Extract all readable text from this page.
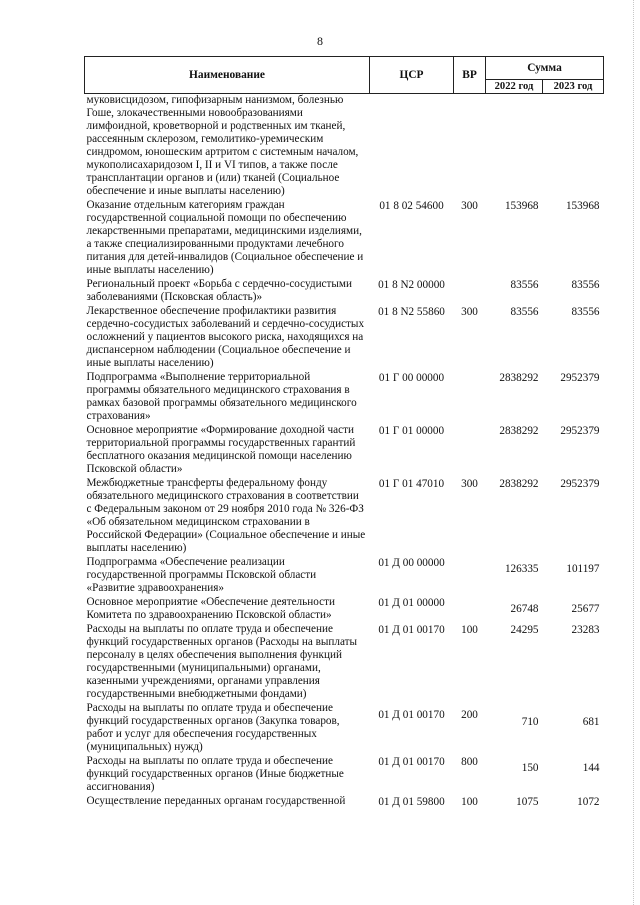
8
Наименование	ЦСР	ВР	Сумма	
			2022 год	2023 год
муковисцидозом, гипофизарным нанизмом, болезнью Гоше, злокачественными новообразованиями лимфоидной, кроветворной и родственных им тканей, рассеянным склерозом, гемолитико-уремическим синдромом, юношеским артритом с системным началом, мукополисахаридозом I, II и VI типов, а также после трансплантации органов и (или) тканей (Социальное обеспечение и иные выплаты населению)				
Оказание отдельным категориям граждан государственной социальной помощи по обеспечению лекарственными препаратами, медицинскими изделиями, а также специализированными продуктами лечебного питания для детей-инвалидов (Социальное обеспечение и иные выплаты населению)	01 8 02 54600	300	153968	153968
Региональный проект «Борьба с сердечно-сосудистыми заболеваниями (Псковская область)»	01 8 N2 00000		83556	83556
Лекарственное обеспечение профилактики развития сердечно-сосудистых заболеваний и сердечно-сосудистых осложнений у пациентов высокого риска, находящихся на диспансерном наблюдении (Социальное обеспечение и иные выплаты населению)	01 8 N2 55860	300	83556	83556
Подпрограмма «Выполнение территориальной программы обязательного медицинского страхования в рамках базовой программы обязательного медицинского страхования»	01 Г 00 00000		2838292	2952379
Основное мероприятие «Формирование доходной части территориальной программы государственных гарантий бесплатного оказания медицинской помощи населению Псковской области»	01 Г 01 00000		2838292	2952379
Межбюджетные трансферты федеральному фонду обязательного медицинского страхования в соответствии с Федеральным законом от 29 ноября 2010 года № 326-ФЗ «Об обязательном медицинском страховании в Российской Федерации» (Социальное обеспечение и иные выплаты населению)	01 Г 01 47010	300	2838292	2952379
Подпрограмма «Обеспечение реализации государственной программы Псковской области «Развитие здравоохранения»	01 Д 00 00000		126335	101197
Основное мероприятие «Обеспечение деятельности Комитета по здравоохранению Псковской области»	01 Д 01 00000		26748	25677
Расходы на выплаты по оплате труда и обеспечение функций государственных органов (Расходы на выплаты персоналу в целях обеспечения выполнения функций государственными (муниципальными) органами, казенными учреждениями, органами управления государственными внебюджетными фондами)	01 Д 01 00170	100	24295	23283
Расходы на выплаты по оплате труда и обеспечение функций государственных органов (Закупка товаров, работ и услуг для обеспечения государственных (муниципальных) нужд)	01 Д 01 00170	200	710	681
Расходы на выплаты по оплате труда и обеспечение функций государственных органов (Иные бюджетные ассигнования)	01 Д 01 00170	800	150	144
Осуществление переданных органам государственной	01 Д 01 59800	100	1075	1072
